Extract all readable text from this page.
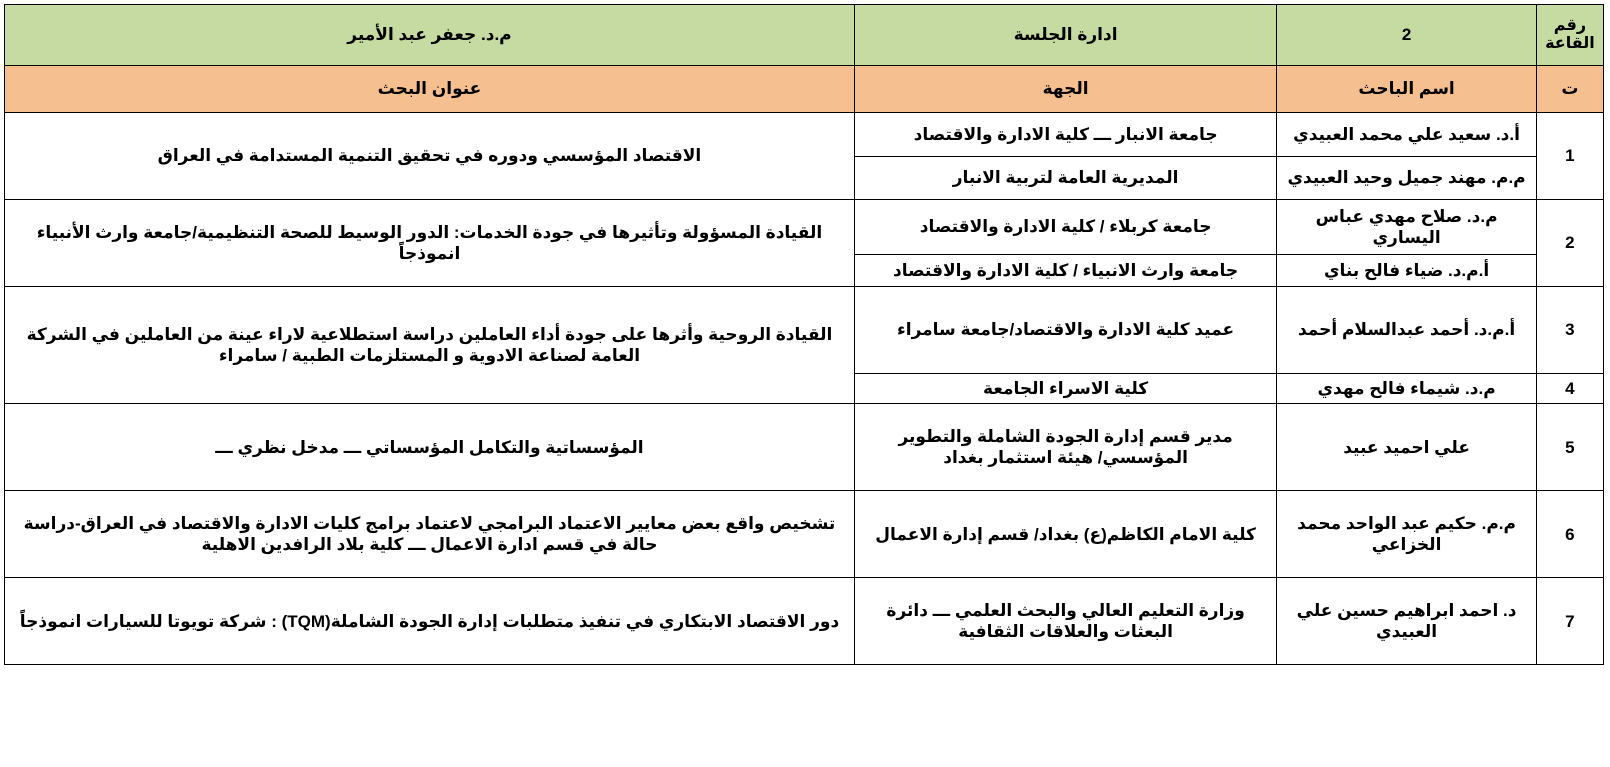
رقم القاعة	2	ادارة الجلسة	م.د. جعفر عبد الأمير
ت	اسم الباحث	الجهة	عنوان البحث
1	أ.د. سعيد علي محمد العبيدي	جامعة الانبار ـــ كلية الادارة والاقتصاد	الاقتصاد المؤسسي ودوره في تحقيق التنمية المستدامة في العراق
	م.م. مهند جميل وحيد العبيدي	المديرية العامة لتربية الانبار	
2	م.د. صلاح مهدي عباس اليساري	جامعة كربلاء / كلية الادارة والاقتصاد	القيادة المسؤولة وتأثيرها في جودة الخدمات: الدور الوسيط للصحة التنظيمية/جامعة وارث الأنبياء انموذجاً
	أ.م.د. ضياء فالح بناي	جامعة وارث الانبياء / كلية الادارة والاقتصاد	
3	أ.م.د. أحمد عبدالسلام أحمد	عميد كلية الادارة والاقتصاد/جامعة سامراء	القيادة الروحية وأثرها على جودة أداء العاملين دراسة استطلاعية لاراء عينة من العاملين في الشركة العامة لصناعة الادوية و المستلزمات الطبية / سامراء
4	م.د. شيماء فالح مهدي	كلية الاسراء الجامعة	
5	علي احميد عبيد	مدير قسم إدارة الجودة الشاملة والتطوير المؤسسي/ هيئة استثمار بغداد	المؤسساتية والتكامل المؤسساتي ـــ مدخل نظري ـــ
6	م.م. حكيم عبد الواحد محمد الخزاعي	كلية الامام الكاظم(ع) بغداد/ قسم إدارة الاعمال	تشخيص واقع بعض معايير الاعتماد البرامجي لاعتماد برامج كليات الادارة والاقتصاد في العراق-دراسة حالة في قسم ادارة الاعمال ـــ كلية بلاد الرافدين الاهلية
7	د. احمد ابراهيم حسين علي العبيدي	وزارة التعليم العالي والبحث العلمي ـــ دائرة البعثات والعلاقات الثقافية	دور الاقتصاد الابتكاري في تنفيذ متطلبات إدارة الجودة الشاملة(TQM) : شركة تويوتا للسيارات انموذجاً
